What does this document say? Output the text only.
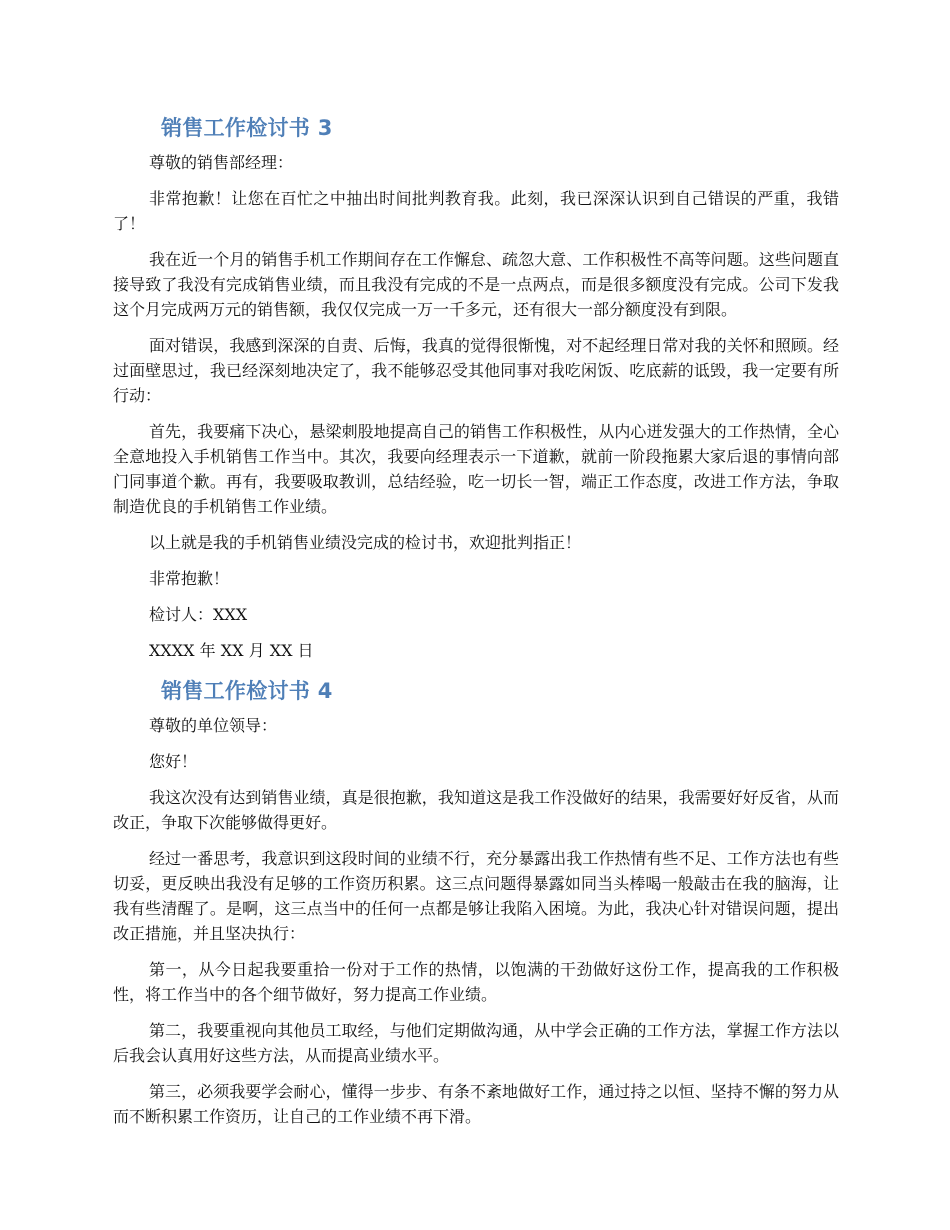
销售工作检讨书 3

尊敬的销售部经理：

非常抱歉！让您在百忙之中抽出时间批判教育我。此刻，我已深深认识到自己错误的严重，我错了！

我在近一个月的销售手机工作期间存在工作懈怠、疏忽大意、工作积极性不高等问题。这些问题直接导致了我没有完成销售业绩，而且我没有完成的不是一点两点，而是很多额度没有完成。公司下发我这个月完成两万元的销售额，我仅仅完成一万一千多元，还有很大一部分额度没有到限。

面对错误，我感到深深的自责、后悔，我真的觉得很惭愧，对不起经理日常对我的关怀和照顾。经过面壁思过，我已经深刻地决定了，我不能够忍受其他同事对我吃闲饭、吃底薪的诋毁，我一定要有所行动：

首先，我要痛下决心，悬梁刺股地提高自己的销售工作积极性，从内心迸发强大的工作热情，全心全意地投入手机销售工作当中。其次，我要向经理表示一下道歉，就前一阶段拖累大家后退的事情向部门同事道个歉。再有，我要吸取教训，总结经验，吃一切长一智，端正工作态度，改进工作方法，争取制造优良的手机销售工作业绩。

以上就是我的手机销售业绩没完成的检讨书，欢迎批判指正！

非常抱歉！

检讨人：XXX

XXXX 年 XX 月 XX 日

销售工作检讨书 4

尊敬的单位领导：

您好！

我这次没有达到销售业绩，真是很抱歉，我知道这是我工作没做好的结果，我需要好好反省，从而改正，争取下次能够做得更好。

经过一番思考，我意识到这段时间的业绩不行，充分暴露出我工作热情有些不足、工作方法也有些切妥，更反映出我没有足够的工作资历积累。这三点问题得暴露如同当头棒喝一般敲击在我的脑海，让我有些清醒了。是啊，这三点当中的任何一点都是够让我陷入困境。为此，我决心针对错误问题，提出改正措施，并且坚决执行：

第一，从今日起我要重拾一份对于工作的热情，以饱满的干劲做好这份工作，提高我的工作积极性，将工作当中的各个细节做好，努力提高工作业绩。

第二，我要重视向其他员工取经，与他们定期做沟通，从中学会正确的工作方法，掌握工作方法以后我会认真用好这些方法，从而提高业绩水平。

第三，必须我要学会耐心，懂得一步步、有条不紊地做好工作，通过持之以恒、坚持不懈的努力从而不断积累工作资历，让自己的工作业绩不再下滑。
